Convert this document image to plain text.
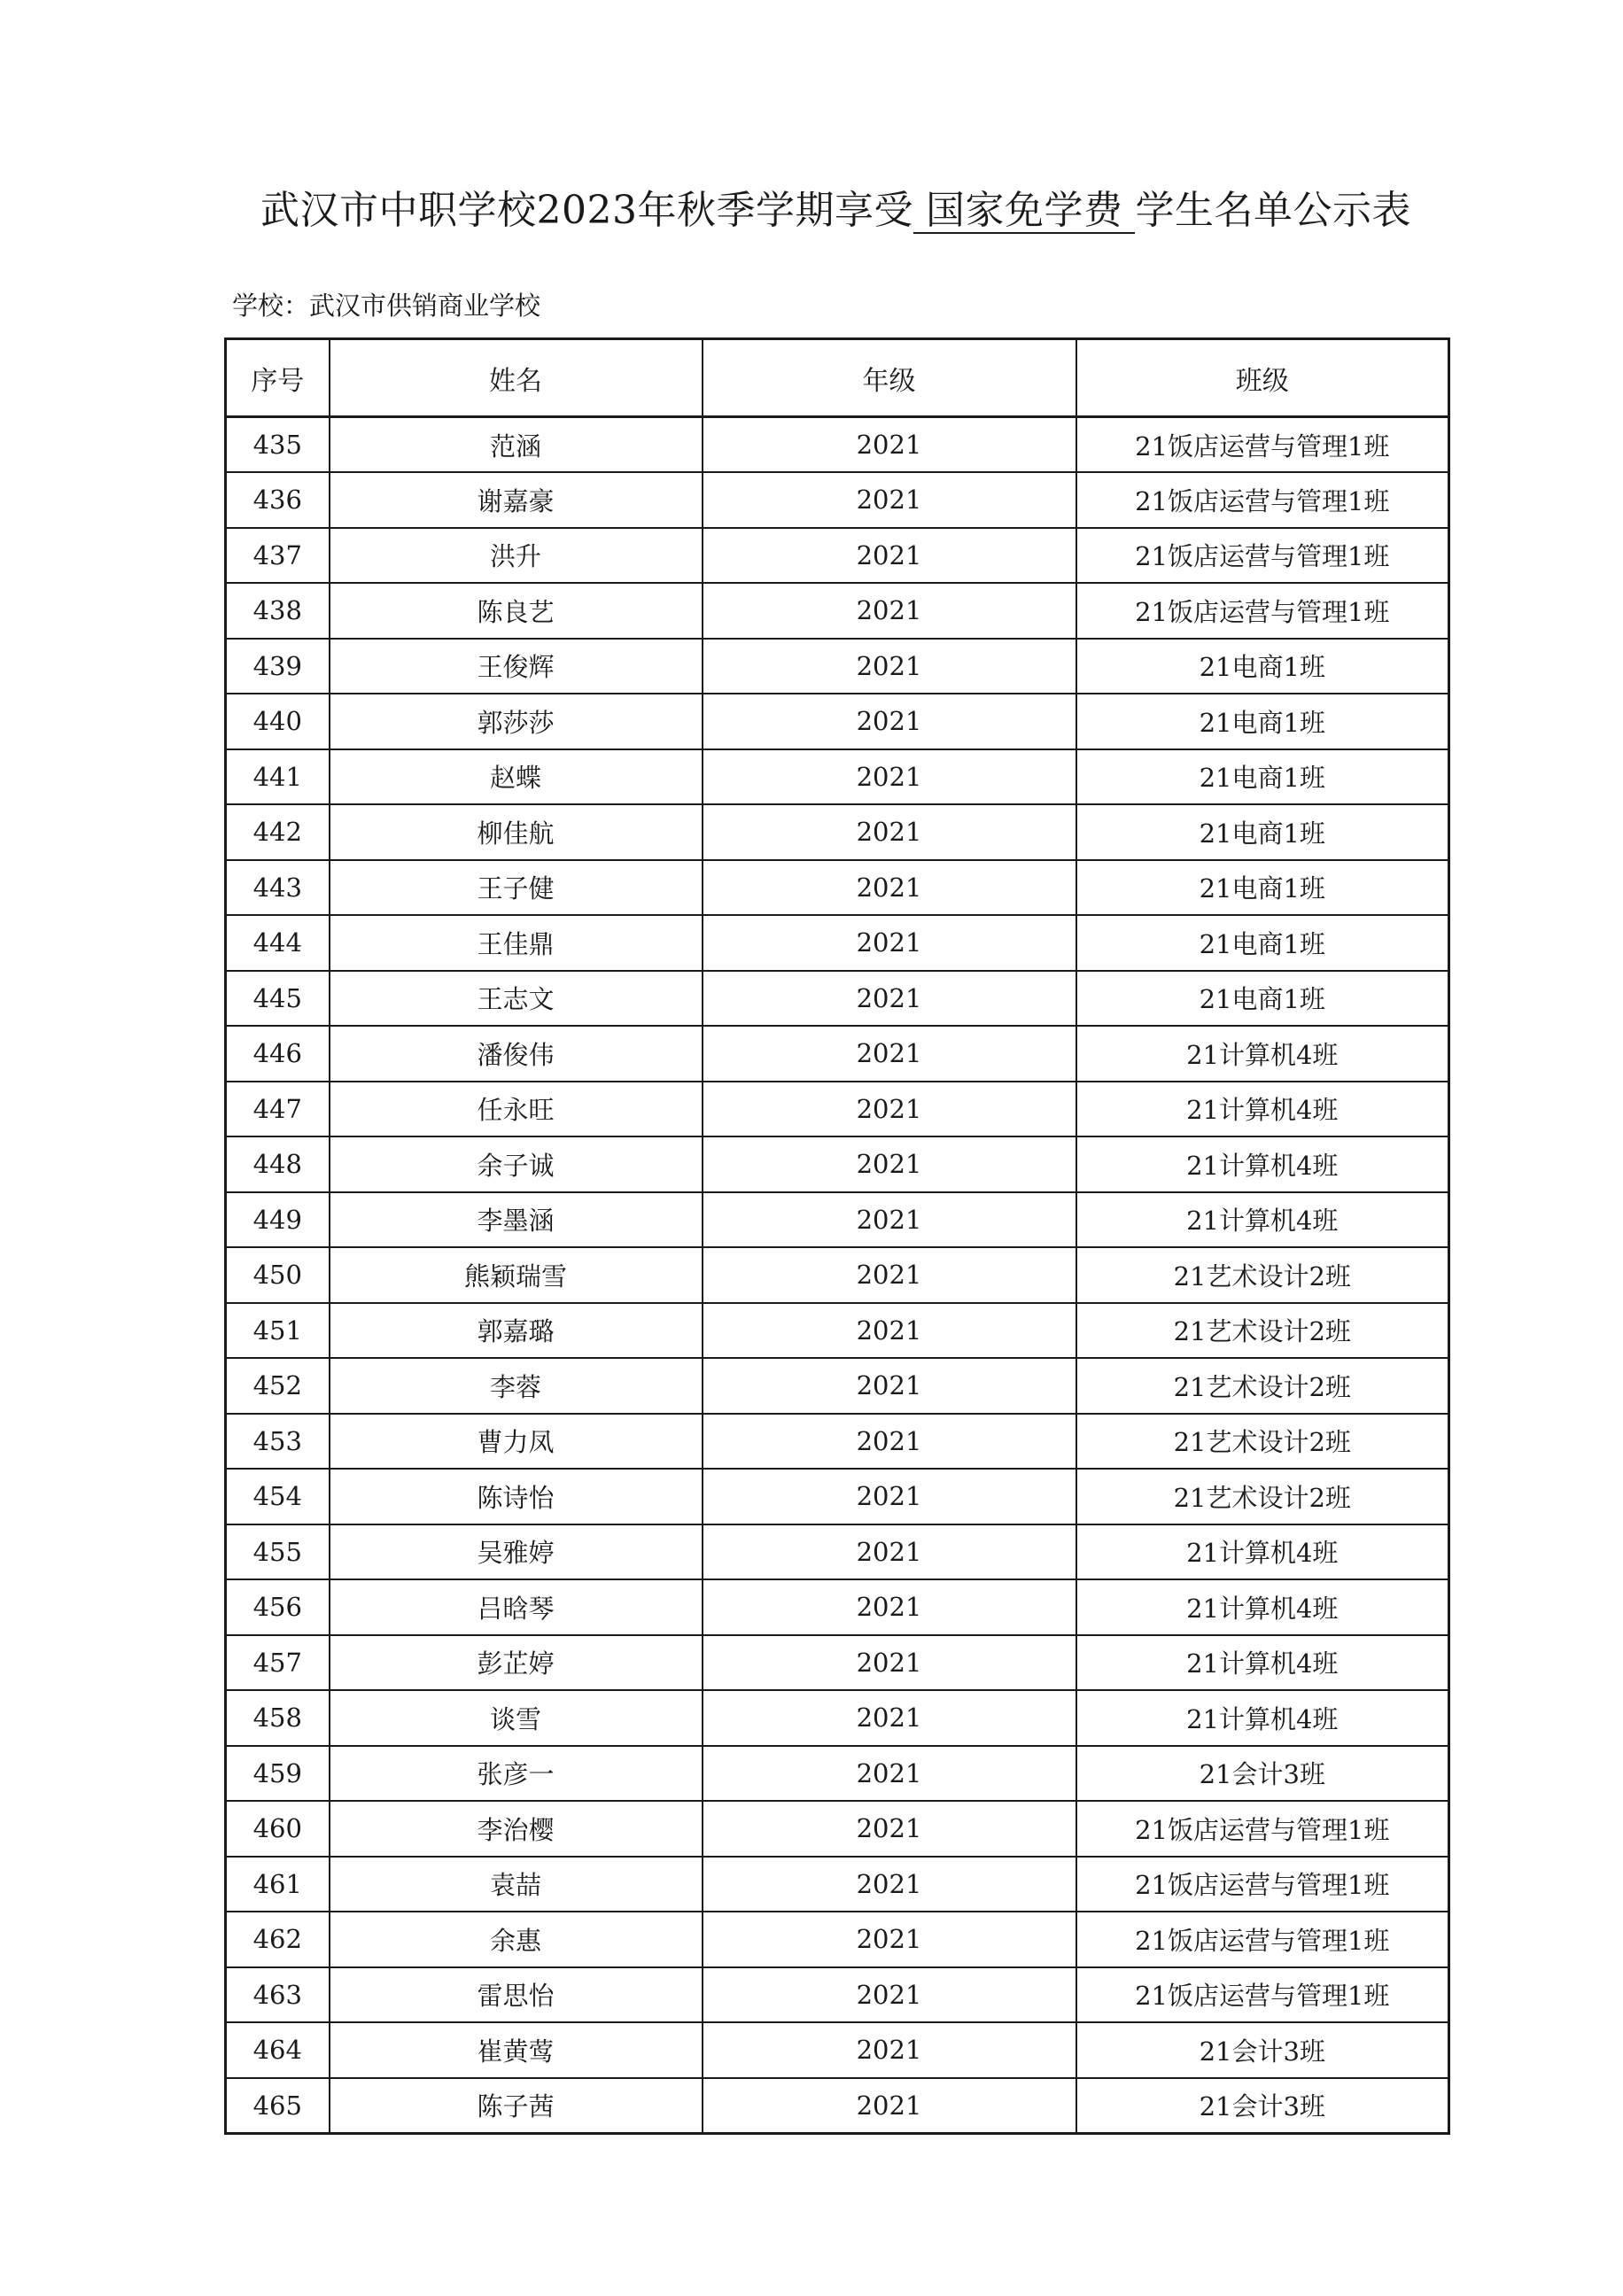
武汉市中职学校2023年秋季学期享受 国家免学费 学生名单公示表
学校：武汉市供销商业学校
序号	姓名	年级	班级
435	范涵	2021	21饭店运营与管理1班
436	谢嘉豪	2021	21饭店运营与管理1班
437	洪升	2021	21饭店运营与管理1班
438	陈良艺	2021	21饭店运营与管理1班
439	王俊辉	2021	21电商1班
440	郭莎莎	2021	21电商1班
441	赵蝶	2021	21电商1班
442	柳佳航	2021	21电商1班
443	王子健	2021	21电商1班
444	王佳鼎	2021	21电商1班
445	王志文	2021	21电商1班
446	潘俊伟	2021	21计算机4班
447	任永旺	2021	21计算机4班
448	余子诚	2021	21计算机4班
449	李墨涵	2021	21计算机4班
450	熊颖瑞雪	2021	21艺术设计2班
451	郭嘉璐	2021	21艺术设计2班
452	李蓉	2021	21艺术设计2班
453	曹力凤	2021	21艺术设计2班
454	陈诗怡	2021	21艺术设计2班
455	吴雅婷	2021	21计算机4班
456	吕晗琴	2021	21计算机4班
457	彭芷婷	2021	21计算机4班
458	谈雪	2021	21计算机4班
459	张彦一	2021	21会计3班
460	李治樱	2021	21饭店运营与管理1班
461	袁喆	2021	21饭店运营与管理1班
462	余惠	2021	21饭店运营与管理1班
463	雷思怡	2021	21饭店运营与管理1班
464	崔黄莺	2021	21会计3班
465	陈子茜	2021	21会计3班
